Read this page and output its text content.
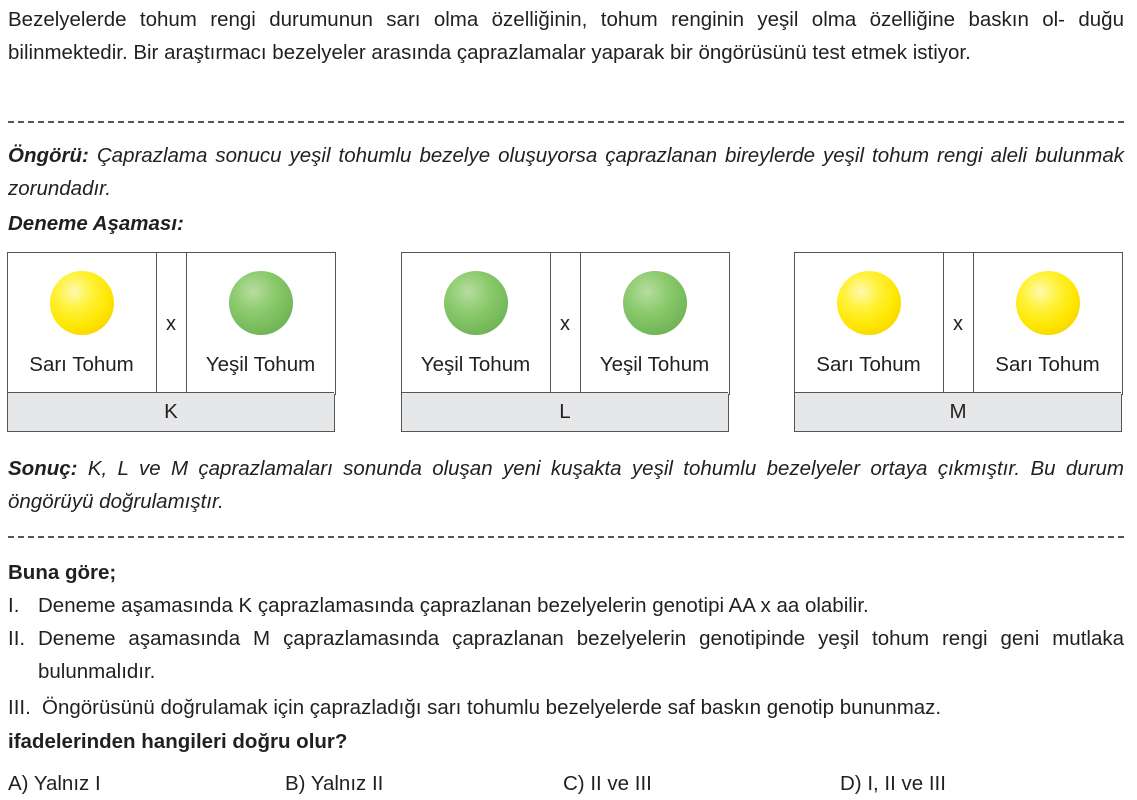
Bezelyelerde tohum rengi durumunun sarı olma özelliğinin, tohum renginin yeşil olma özelliğine baskın ol- duğu bilinmektedir. Bir araştırmacı bezelyeler arasında çaprazlamalar yaparak bir öngörüsünü test etmek istiyor.
Öngörü: Çaprazlama sonucu yeşil tohumlu bezelye oluşuyorsa çaprazlanan bireylerde yeşil tohum rengi aleli bulunmak zorundadır.
Deneme Aşaması:
Sarı Tohum
x
Yeşil Tohum
K
Yeşil Tohum
x
Yeşil Tohum
L
Sarı Tohum
x
Sarı Tohum
M
Sonuç: K, L ve M çaprazlamaları sonunda oluşan yeni kuşakta yeşil tohumlu bezelyeler ortaya çıkmıştır. Bu durum öngörüyü doğrulamıştır.
Buna göre;
I. Deneme aşamasında K çaprazlamasında çaprazlanan bezelyelerin genotipi AA x aa olabilir.
II. Deneme aşamasında M çaprazlamasında çaprazlanan bezelyelerin genotipinde yeşil tohum rengi geni mutlaka bulunmalıdır.
III. Öngörüsünü doğrulamak için çaprazladığı sarı tohumlu bezelyelerde saf baskın genotip bununmaz.
ifadelerinden hangileri doğru olur?
A) Yalnız I	B) Yalnız II	C) II ve III	D) I, II ve III
